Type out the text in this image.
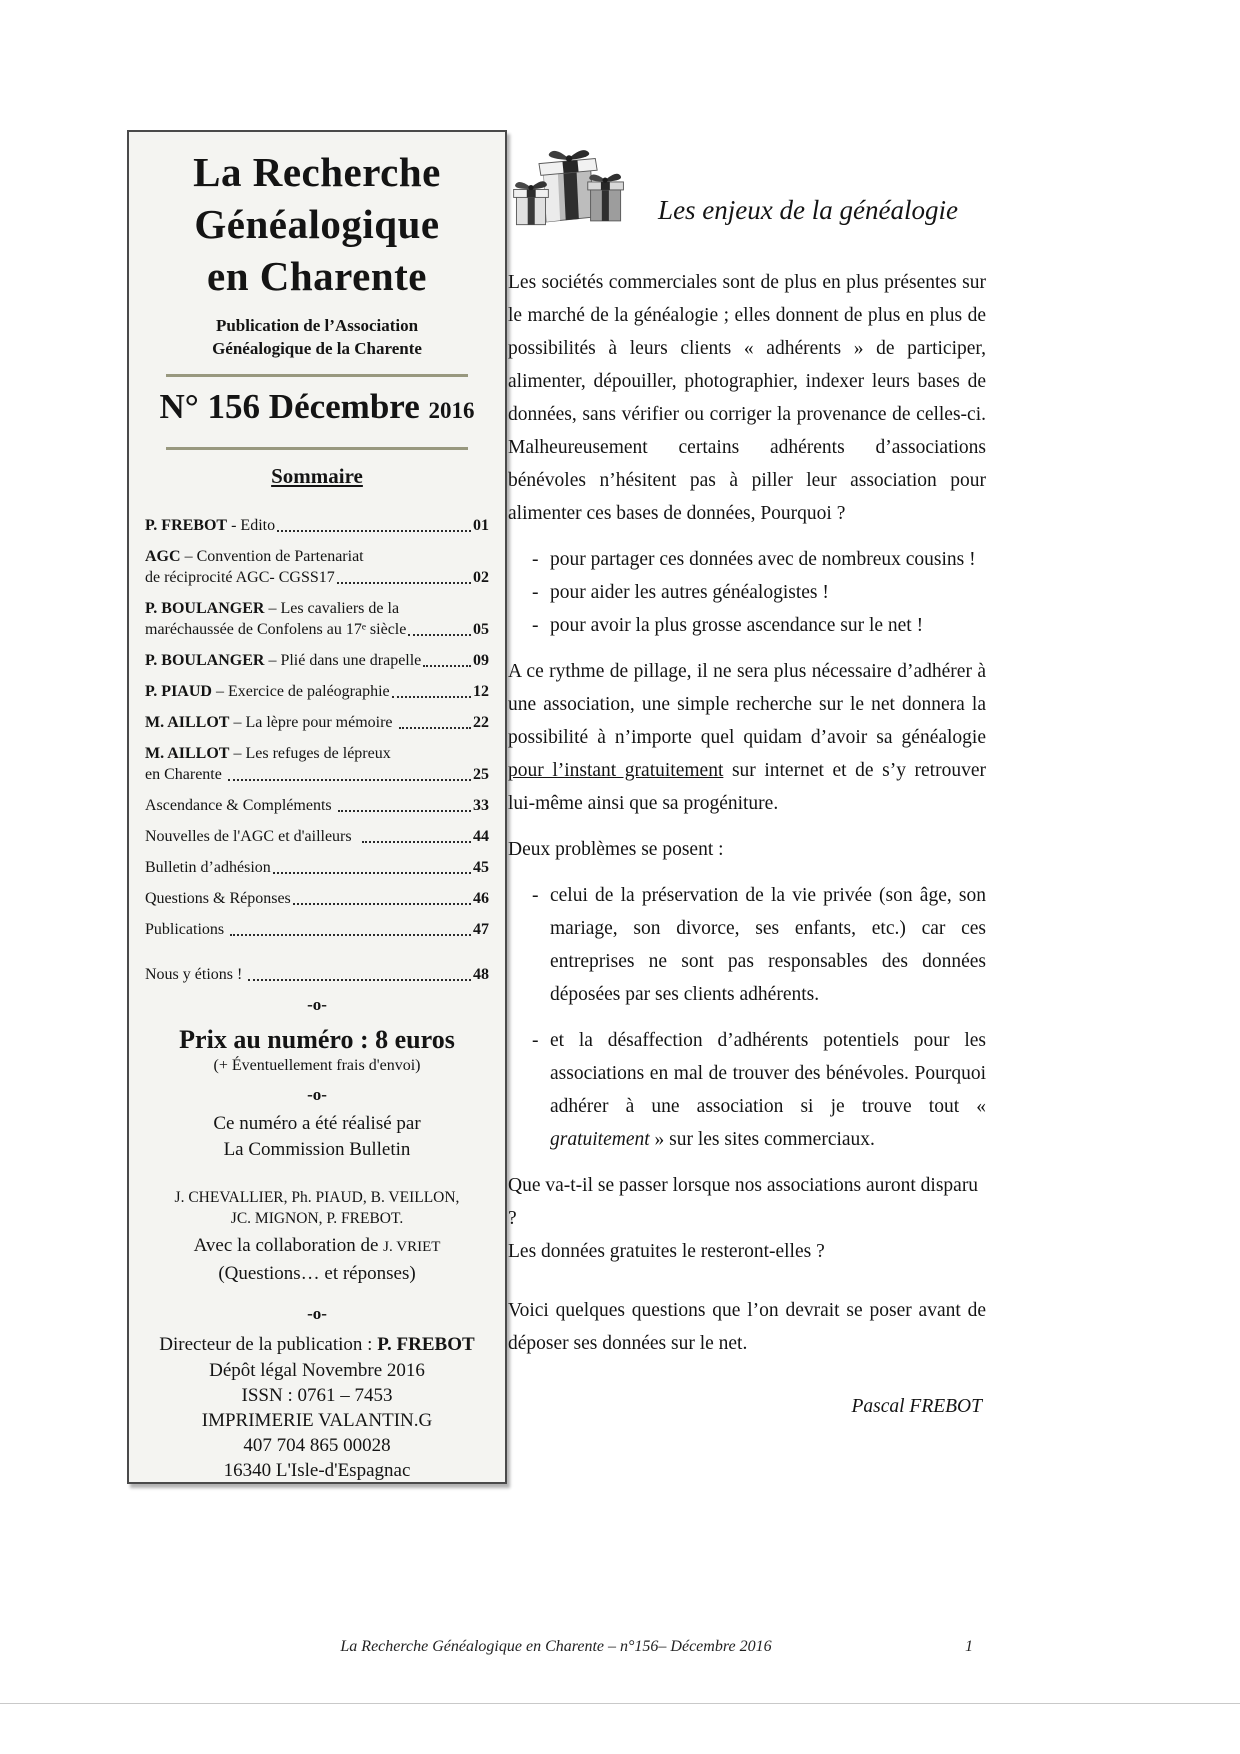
La Recherche
Généalogique
en Charente
Publication de l’Association
Généalogique de la Charente
N° 156 Décembre 2016
Sommaire
P. FREBOT - Edito	01
AGC – Convention de Partenariat
de réciprocité AGC- CGSS17	02
P. BOULANGER – Les cavaliers de la
maréchaussée de Confolens au 17ᵉ siècle	05
P. BOULANGER – Plié dans une drapelle	09
P. PIAUD – Exercice de paléographie	12
M. AILLOT – La lèpre pour mémoire	22
M. AILLOT – Les refuges de lépreux
en Charente	25
Ascendance & Compléments	33
Nouvelles de l'AGC et d'ailleurs	44
Bulletin d’adhésion	45
Questions & Réponses	46
Publications	47
Nous y étions !	48
-o-
Prix au numéro : 8 euros
(+ Éventuellement frais d'envoi)
-o-
Ce numéro a été réalisé par
La Commission Bulletin
J. CHEVALLIER, Ph. PIAUD, B. VEILLON,
JC. MIGNON, P. FREBOT.
Avec la collaboration de J. VRIET
(Questions… et réponses)
-o-
Directeur de la publication : P. FREBOT
Dépôt légal Novembre 2016
ISSN : 0761 – 7453
IMPRIMERIE VALANTIN.G
407 704 865 00028
16340 L'Isle-d'Espagnac
Les enjeux de la généalogie

Les sociétés commerciales sont de plus en plus présentes sur le marché de la généalogie ; elles donnent de plus en plus de possibilités à leurs clients « adhérents » de participer, alimenter, dépouiller, photographier, indexer leurs bases de données, sans vérifier ou corriger la provenance de celles-ci. Malheureusement certains adhérents d’associations bénévoles n’hésitent pas à piller leur association pour alimenter ces bases de données, Pourquoi ?

- pour partager ces données avec de nombreux cousins !
- pour aider les autres généalogistes !
- pour avoir la plus grosse ascendance sur le net !

A ce rythme de pillage, il ne sera plus nécessaire d’adhérer à une association, une simple recherche sur le net donnera la possibilité à n’importe quel quidam d’avoir sa généalogie pour l’instant gratuitement sur internet et de s’y retrouver lui-même ainsi que sa progéniture.

Deux problèmes se posent :

- celui de la préservation de la vie privée (son âge, son mariage, son divorce, ses enfants, etc.) car ces entreprises ne sont pas responsables des données déposées par ses clients adhérents.
- et la désaffection d’adhérents potentiels pour les associations en mal de trouver des bénévoles. Pourquoi adhérer à une association si je trouve tout « gratuitement » sur les sites commerciaux.

Que va-t-il se passer lorsque nos associations auront disparu ?

Les données gratuites le resteront-elles ?

Voici quelques questions que l’on devrait se poser avant de déposer ses données sur le net.

Pascal FREBOT
La Recherche Généalogique en Charente – n°156– Décembre 2016	1
